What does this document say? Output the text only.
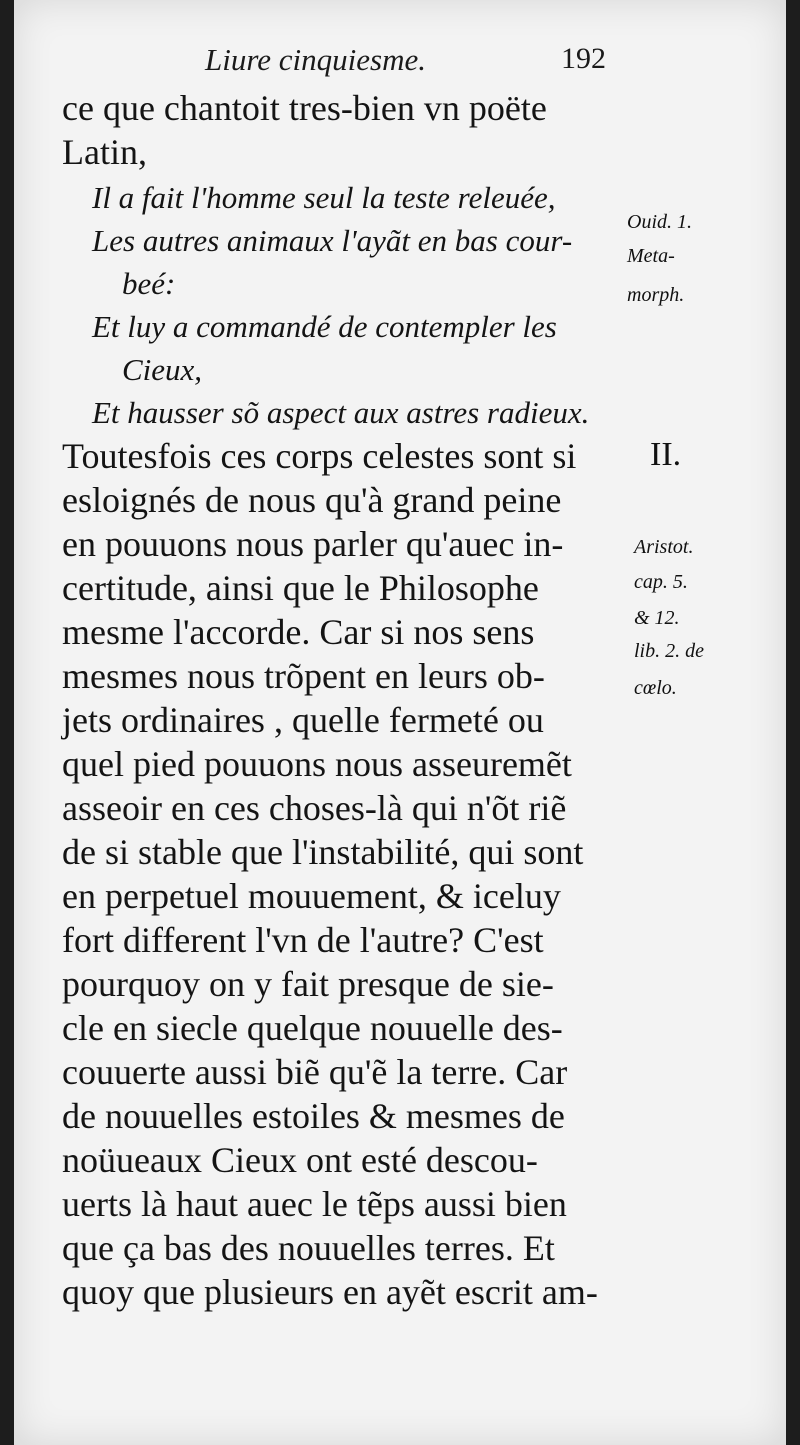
Liure cinquiesme.	192
ce que chantoit tres-bien vn poëte
Latin,
Il a fait l'homme seul la teste releuée,
Les autres animaux l'ayãt en bas cour-
beé:
Et luy a commandé de contempler les
Cieux,
Et hausser sõ aspect aux astres radieux.
Toutesfois ces corps celestes sont si
esloignés de nous qu'à grand peine
en pouuons nous parler qu'auec in-
certitude, ainsi que le Philosophe
mesme l'accorde. Car si nos sens
mesmes nous trõpent en leurs ob-
jets ordinaires , quelle fermeté ou
quel pied pouuons nous asseuremẽt
asseoir en ces choses-là qui n'õt riẽ
de si stable que l'instabilité, qui sont
en perpetuel mouuement, & iceluy
fort different l'vn de l'autre? C'est
pourquoy on y fait presque de sie-
cle en siecle quelque nouuelle des-
couuerte aussi biẽ qu'ẽ la terre. Car
de nouuelles estoiles & mesmes de
noüueaux Cieux ont esté descou-
uerts là haut auec le tẽps aussi bien
que ça bas des nouuelles terres. Et
quoy que plusieurs en ayẽt escrit am-
Ouid. 1.
Meta-
morph.
II.
Aristot.
cap. 5.
& 12.
lib. 2. de
cœlo.
